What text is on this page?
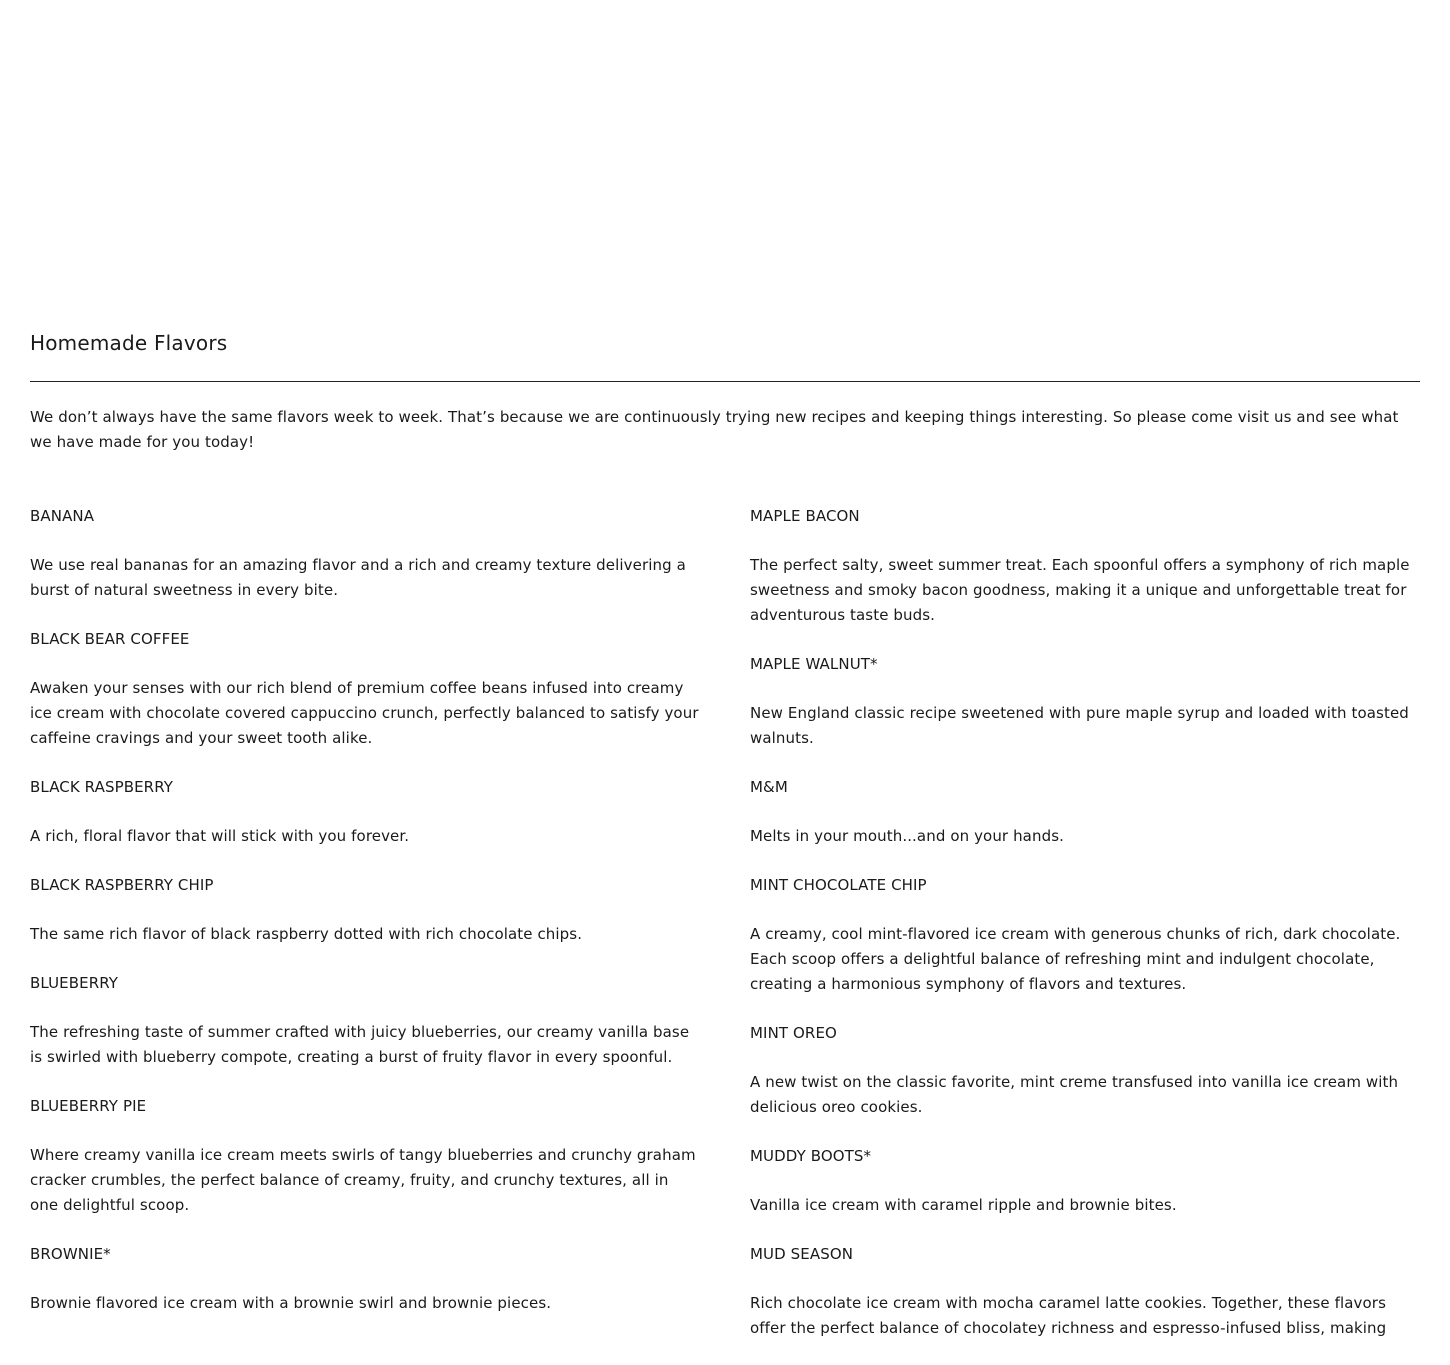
Homemade Flavors

We don’t always have the same flavors week to week. That’s because we are continuously trying new recipes and keeping things interesting. So please come visit us and see what we have made for you today!

BANANA

We use real bananas for an amazing flavor and a rich and creamy texture delivering a burst of natural sweetness in every bite.

BLACK BEAR COFFEE

Awaken your senses with our rich blend of premium coffee beans infused into creamy ice cream with chocolate covered cappuccino crunch, perfectly balanced to satisfy your caffeine cravings and your sweet tooth alike.

BLACK RASPBERRY

A rich, floral flavor that will stick with you forever.

BLACK RASPBERRY CHIP

The same rich flavor of black raspberry dotted with rich chocolate chips.

BLUEBERRY

The refreshing taste of summer crafted with juicy blueberries, our creamy vanilla base is swirled with blueberry compote, creating a burst of fruity flavor in every spoonful.

BLUEBERRY PIE

Where creamy vanilla ice cream meets swirls of tangy blueberries and crunchy graham cracker crumbles, the perfect balance of creamy, fruity, and crunchy textures, all in one delightful scoop.

BROWNIE*

Brownie flavored ice cream with a brownie swirl and brownie pieces.

MAPLE BACON

The perfect salty, sweet summer treat. Each spoonful offers a symphony of rich maple sweetness and smoky bacon goodness, making it a unique and unforgettable treat for adventurous taste buds.

MAPLE WALNUT*

New England classic recipe sweetened with pure maple syrup and loaded with toasted walnuts.

M&M

Melts in your mouth...and on your hands.

MINT CHOCOLATE CHIP

A creamy, cool mint-flavored ice cream with generous chunks of rich, dark chocolate. Each scoop offers a delightful balance of refreshing mint and indulgent chocolate, creating a harmonious symphony of flavors and textures.

MINT OREO

A new twist on the classic favorite, mint creme transfused into vanilla ice cream with delicious oreo cookies.

MUDDY BOOTS*

Vanilla ice cream with caramel ripple and brownie bites.

MUD SEASON

Rich chocolate ice cream with mocha caramel latte cookies. Together, these flavors offer the perfect balance of chocolatey richness and espresso-infused bliss, making
